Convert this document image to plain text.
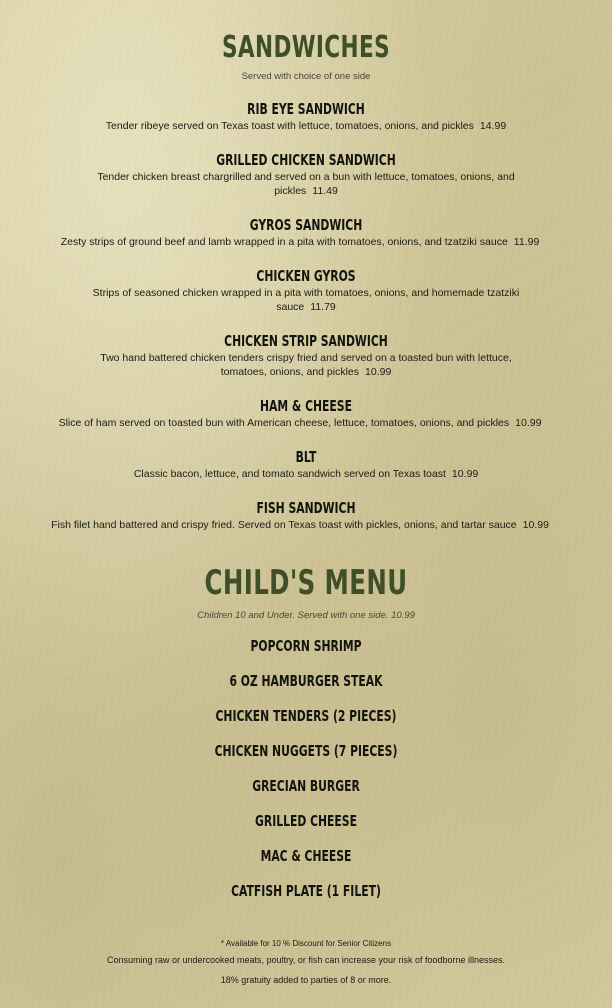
SANDWICHES
Served with choice of one side
RIB EYE SANDWICH
Tender ribeye served on Texas toast with lettuce, tomatoes, onions, and pickles 14.99
GRILLED CHICKEN SANDWICH
Tender chicken breast chargrilled and served on a bun with lettuce, tomatoes, onions, and pickles 11.49
GYROS SANDWICH
Zesty strips of ground beef and lamb wrapped in a pita with tomatoes, onions, and tzatziki sauce 11.99
CHICKEN GYROS
Strips of seasoned chicken wrapped in a pita with tomatoes, onions, and homemade tzatziki sauce 11.79
CHICKEN STRIP SANDWICH
Two hand battered chicken tenders crispy fried and served on a toasted bun with lettuce, tomatoes, onions, and pickles 10.99
HAM & CHEESE
Slice of ham served on toasted bun with American cheese, lettuce, tomatoes, onions, and pickles 10.99
BLT
Classic bacon, lettuce, and tomato sandwich served on Texas toast 10.99
FISH SANDWICH
Fish filet hand battered and crispy fried. Served on Texas toast with pickles, onions, and tartar sauce 10.99
CHILD'S MENU
Children 10 and Under. Served with one side. 10.99
POPCORN SHRIMP
6 OZ HAMBURGER STEAK
CHICKEN TENDERS (2 PIECES)
CHICKEN NUGGETS (7 PIECES)
GRECIAN BURGER
GRILLED CHEESE
MAC & CHEESE
CATFISH PLATE (1 FILET)
* Available for 10 % Discount for Senior Citizens
Consuming raw or undercooked meats, poultry, or fish can increase your risk of foodborne illnesses.
18% gratuity added to parties of 8 or more.
